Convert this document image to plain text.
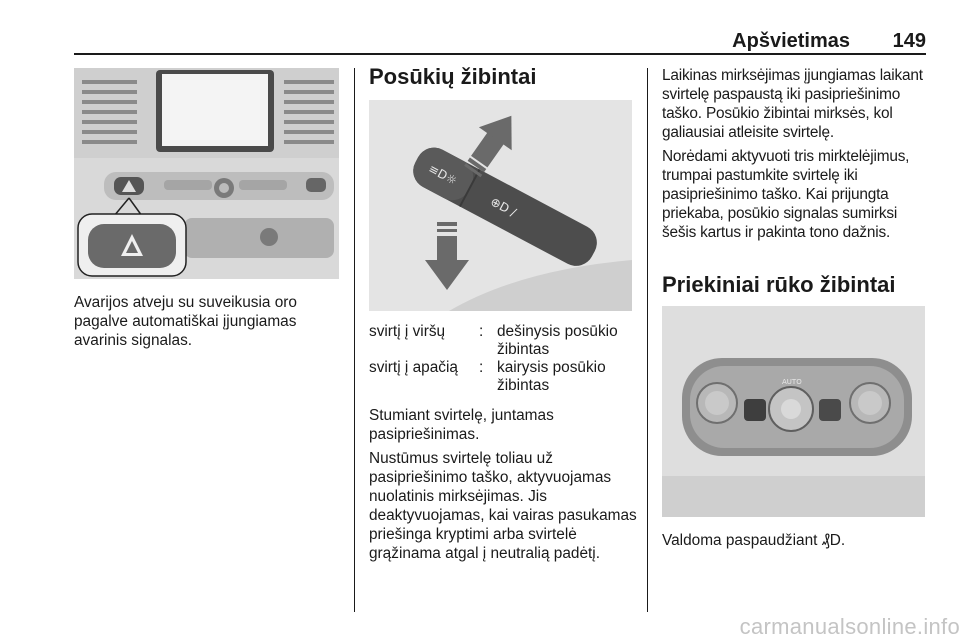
Apšvietimas	149

Avarijos atveju su suveikusia oro pagalve automatiškai įjungiamas avarinis signalas.

Posūkių žibintai
≡D☼
⊕D /
svirtį į viršų	: dešinysis posūkio žibintas
svirtį į apačią	: kairysis posūkio žibintas

Stumiant svirtelę, juntamas pasipriešinimas.

Nustūmus svirtelę toliau už pasipriešinimo taško, aktyvuojamas nuolatinis mirksėjimas. Jis deaktyvuojamas, kai vairas pasukamas priešinga kryptimi arba svirtelė grąžinama atgal į neutralią padėtį.

Laikinas mirksėjimas įjungiamas laikant svirtelę paspaustą iki pasipriešinimo taško. Posūkio žibintai mirksės, kol galiausiai atleisite svirtelę.

Norėdami aktyvuoti tris mirktelėjimus, trumpai pastumkite svirtelę iki pasipriešinimo taško. Kai prijungta priekaba, posūkio signalas sumirksi šešis kartus ir pakinta tono dažnis.

Priekiniai rūko žibintai
AUTO

Valdoma paspaudžiant ₰D.

carmanualsonline.info
